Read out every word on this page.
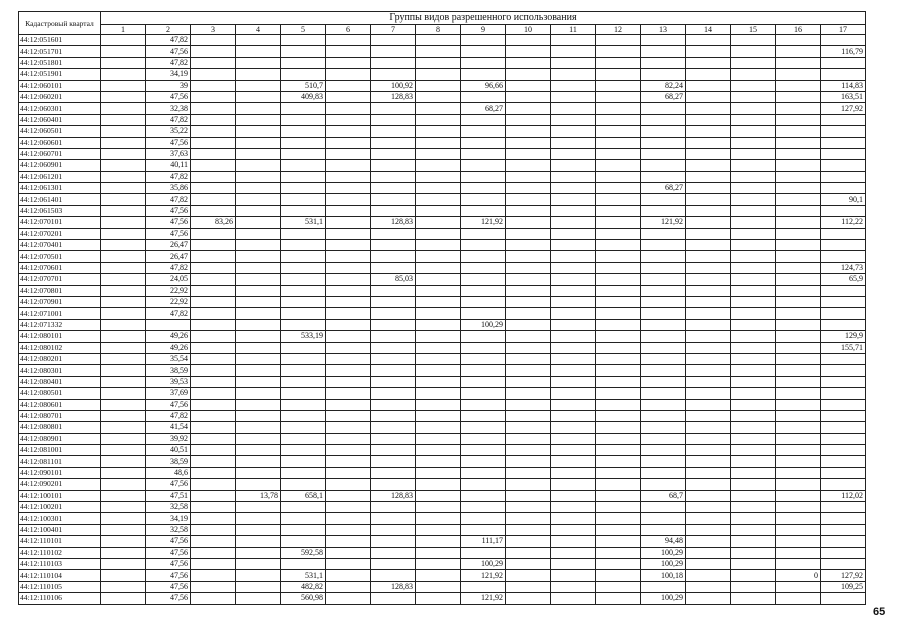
Кадастровый квартал	Группы видов разрешенного использования																
	1	2	3	4	5	6	7	8	9	10	11	12	13	14	15	16	17
44:12:051601		47,82															
44:12:051701		47,56															116,79
44:12:051801		47,82															
44:12:051901		34,19															
44:12:060101		39			510,7		100,92		96,66				82,24				114,83
44:12:060201		47,56			409,83		128,83						68,27				163,51
44:12:060301		32,38							68,27								127,92
44:12:060401		47,82															
44:12:060501		35,22															
44:12:060601		47,56															
44:12:060701		37,63															
44:12:060901		40,11															
44:12:061201		47,82															
44:12:061301		35,86											68,27				
44:12:061401		47,82															90,1
44:12:061503		47,56															
44:12:070101		47,56	83,26		531,1		128,83		121,92				121,92				112,22
44:12:070201		47,56															
44:12:070401		26,47															
44:12:070501		26,47															
44:12:070601		47,82															124,73
44:12:070701		24,05					85,03										65,9
44:12:070801		22,92															
44:12:070901		22,92															
44:12:071001		47,82															
44:12:071332									100,29								
44:12:080101		49,26			533,19												129,9
44:12:080102		49,26															155,71
44:12:080201		35,54															
44:12:080301		38,59															
44:12:080401		39,53															
44:12:080501		37,69															
44:12:080601		47,56															
44:12:080701		47,82															
44:12:080801		41,54															
44:12:080901		39,92															
44:12:081001		40,51															
44:12:081101		38,59															
44:12:090101		48,6															
44:12:090201		47,56															
44:12:100101		47,51		13,78	658,1		128,83						68,7				112,02
44:12:100201		32,58															
44:12:100301		34,19															
44:12:100401		32,58															
44:12:110101		47,56							111,17				94,48				
44:12:110102		47,56			592,58								100,29				
44:12:110103		47,56							100,29				100,29				
44:12:110104		47,56			531,1				121,92				100,18			0	127,92
44:12:110105		47,56			482,82		128,83										109,25
44:12:110106		47,56			560,98				121,92				100,29				
65
